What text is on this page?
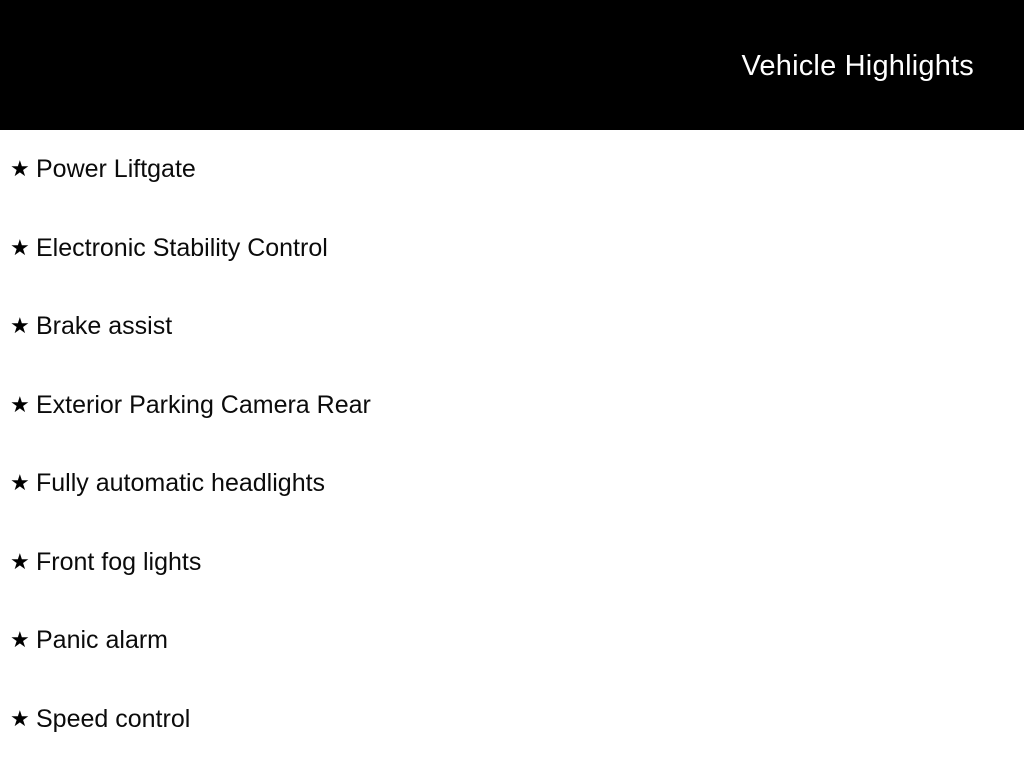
Vehicle Highlights
★ Power Liftgate
★ Electronic Stability Control
★ Brake assist
★ Exterior Parking Camera Rear
★ Fully automatic headlights
★ Front fog lights
★ Panic alarm
★ Speed control
